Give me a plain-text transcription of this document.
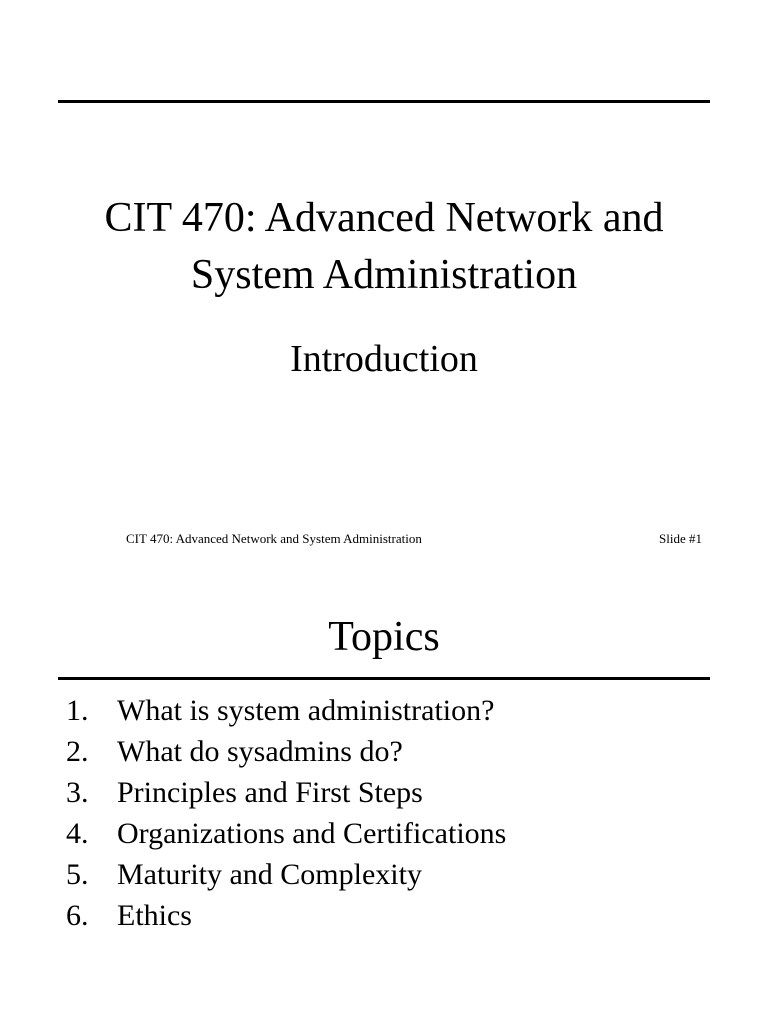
CIT 470: Advanced Network and
System Administration
Introduction
CIT 470: Advanced Network and System Administration	Slide #1
Topics
1. What is system administration?
2. What do sysadmins do?
3. Principles and First Steps
4. Organizations and Certifications
5. Maturity and Complexity
6. Ethics
